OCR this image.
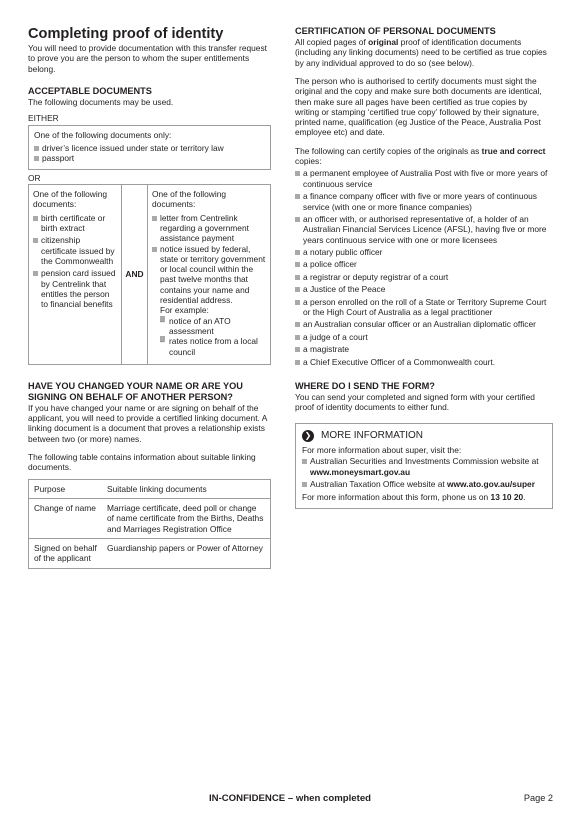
Completing proof of identity

You will need to provide documentation with this transfer request to prove you are the person to whom the super entitlements belong.

ACCEPTABLE DOCUMENTS

The following documents may be used.

EITHER
One of the following documents only:
driver’s licence issued under state or territory law
passport
OR
One of the following documents:
birth certificate or birth extract
citizenship certificate issued by the Commonwealth
pension card issued by Centrelink that entitles the person to financial benefits
AND
One of the following documents:
letter from Centrelink regarding a government assistance payment
notice issued by federal, state or territory government or local council within the past twelve months that contains your name and residential address.
For example:
– notice of an ATO assessment
– rates notice from a local council
HAVE YOU CHANGED YOUR NAME OR ARE YOU SIGNING ON BEHALF OF ANOTHER PERSON?

If you have changed your name or are signing on behalf of the applicant, you will need to provide a certified linking document. A linking document is a document that proves a relationship exists between two (or more) names.

The following table contains information about suitable linking documents.

Purpose	Suitable linking documents
Change of name	Marriage certificate, deed poll or change of name certificate from the Births, Deaths and Marriages Registration Office
Signed on behalf of the applicant	Guardianship papers or Power of Attorney
CERTIFICATION OF PERSONAL DOCUMENTS

All copied pages of original proof of identification documents (including any linking documents) need to be certified as true copies by any individual approved to do so (see below).

The person who is authorised to certify documents must sight the original and the copy and make sure both documents are identical, then make sure all pages have been certified as true copies by writing or stamping ‘certified true copy’ followed by their signature, printed name, qualification (eg Justice of the Peace, Australia Post employee etc) and date.

The following can certify copies of the originals as true and correct copies:

a permanent employee of Australia Post with five or more years of continuous service
a finance company officer with five or more years of continuous service (with one or more finance companies)
an officer with, or authorised representative of, a holder of an Australian Financial Services Licence (AFSL), having five or more years continuous service with one or more licensees
a notary public officer
a police officer
a registrar or deputy registrar of a court
a Justice of the Peace
a person enrolled on the roll of a State or Territory Supreme Court or the High Court of Australia as a legal practitioner
an Australian consular officer or an Australian diplomatic officer
a judge of a court
a magistrate
a Chief Executive Officer of a Commonwealth court.
WHERE DO I SEND THE FORM?

You can send your completed and signed form with your certified proof of identity documents to either fund.

❯ MORE INFORMATION

For more information about super, visit the:

Australian Securities and Investments Commission website at www.moneysmart.gov.au
Australian Taxation Office website at www.ato.gov.au/super

For more information about this form, phone us on 13 10 20.

IN-CONFIDENCE – when completed	Page 2
